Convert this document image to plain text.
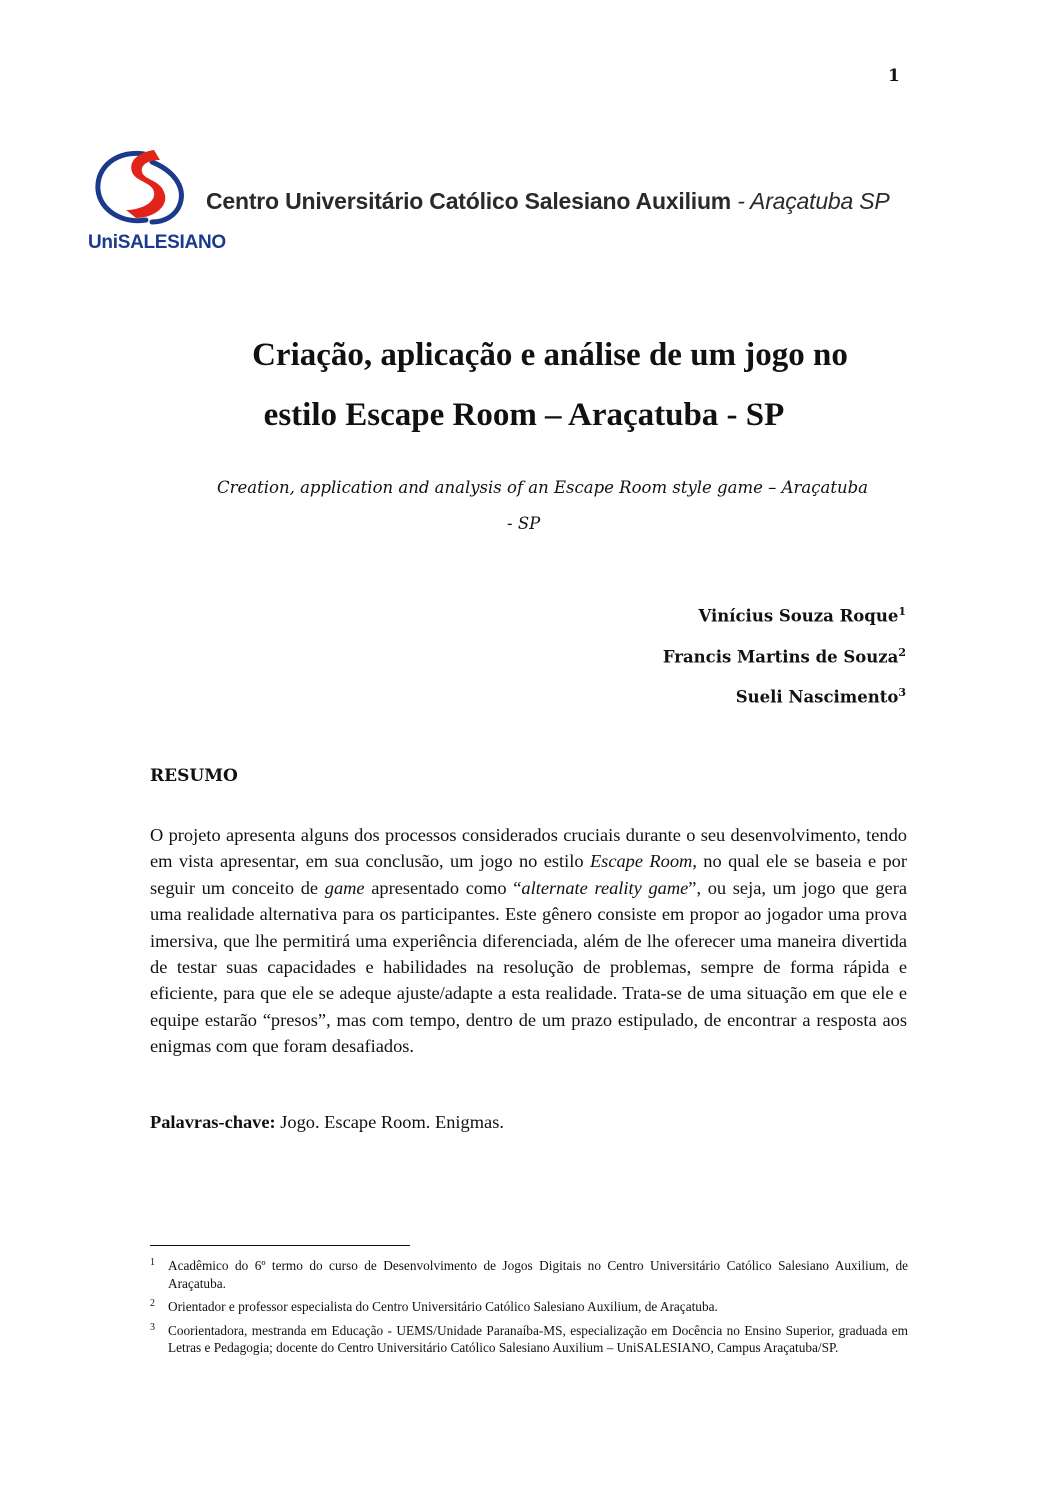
1
UniSALESIANO
Centro Universitário Católico Salesiano Auxilium - Araçatuba SP
Criação, aplicação e análise de um jogo no
estilo Escape Room – Araçatuba - SP
Creation, application and analysis of an Escape Room style game – Araçatuba
- SP
Vinícius Souza Roque$^1$
Francis Martins de Souza$^2$
Sueli Nascimento$^3$
RESUMO

O projeto apresenta alguns dos processos considerados cruciais durante o seu desenvolvimento, tendo em vista apresentar, em sua conclusão, um jogo no estilo Escape Room, no qual ele se baseia e por seguir um conceito de game apresentado como “alternate reality game”, ou seja, um jogo que gera uma realidade alternativa para os participantes. Este gênero consiste em propor ao jogador uma prova imersiva, que lhe permitirá uma experiência diferenciada, além de lhe oferecer uma maneira divertida de testar suas capacidades e habilidades na resolução de problemas, sempre de forma rápida e eficiente, para que ele se adeque ajuste/adapte a esta realidade. Trata-se de uma situação em que ele e equipe estarão “presos”, mas com tempo, dentro de um prazo estipulado, de encontrar a resposta aos enigmas com que foram desafiados.

Palavras-chave: Jogo. Escape Room. Enigmas.
1 Acadêmico do 6º termo do curso de Desenvolvimento de Jogos Digitais no Centro Universitário Católico Salesiano Auxilium, de Araçatuba.
2 Orientador e professor especialista do Centro Universitário Católico Salesiano Auxilium, de Araçatuba.
3 Coorientadora, mestranda em Educação - UEMS/Unidade Paranaíba-MS, especialização em Docência no Ensino Superior, graduada em Letras e Pedagogia; docente do Centro Universitário Católico Salesiano Auxilium – UniSALESIANO, Campus Araçatuba/SP.
